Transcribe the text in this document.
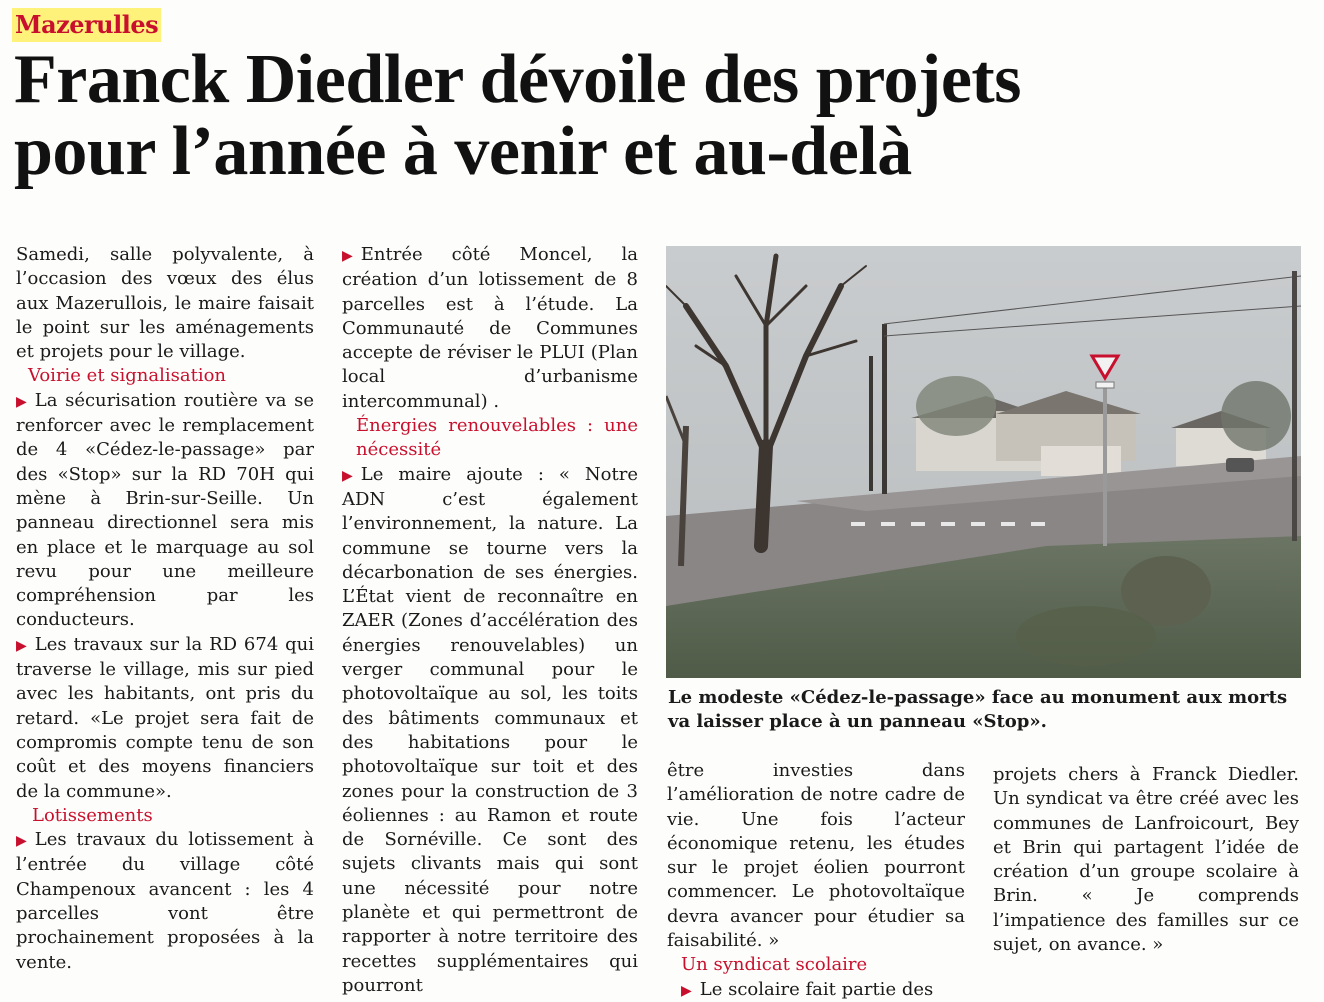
Mazerulles
Franck Diedler dévoile des projets
pour l’année à venir et au-delà

Samedi, salle polyvalente, à l’occasion des vœux des élus aux Mazerullois, le maire faisait le point sur les aménagements et projets pour le village.

Voirie et signalisation

▶ La sécurisation routière va se renforcer avec le remplacement de 4 «Cédez-le-passage» par des «Stop» sur la RD 70H qui mène à Brin-sur-Seille. Un panneau directionnel sera mis en place et le marquage au sol revu pour une meilleure compréhension par les conducteurs.

▶ Les travaux sur la RD 674 qui traverse le village, mis sur pied avec les habitants, ont pris du retard. «Le projet sera fait de compromis compte tenu de son coût et des moyens financiers de la commune».

Lotissements

▶ Les travaux du lotissement à l’entrée du village côté Champenoux avancent : les 4 parcelles vont être prochainement proposées à la vente.

▶ Entrée côté Moncel, la création d’un lotissement de 8 parcelles est à l’étude. La Communauté de Communes accepte de réviser le PLUI (Plan local d’urbanisme intercommunal) .

Énergies renouvelables : une nécessité

▶ Le maire ajoute : « Notre ADN c’est également l’environnement, la nature. La commune se tourne vers la décarbonation de ses énergies. L’État vient de reconnaître en ZAER (Zones d’accélération des énergies renouvelables) un verger communal pour le photovoltaïque au sol, les toits des bâtiments communaux et des habitations pour le photovoltaïque sur toit et des zones pour la construction de 3 éoliennes : au Ramon et route de Sornéville. Ce sont des sujets clivants mais qui sont une nécessité pour notre planète et qui permettront de rapporter à notre territoire des recettes supplémentaires qui pourront

Le modeste «Cédez-le-passage» face au monument aux morts va laisser place à un panneau «Stop».

être investies dans l’amélioration de notre cadre de vie. Une fois l’acteur économique retenu, les études sur le projet éolien pourront commencer. Le photovoltaïque devra avancer pour étudier sa faisabilité. »

Un syndicat scolaire

▶ Le scolaire fait partie des

projets chers à Franck Diedler. Un syndicat va être créé avec les communes de Lanfroicourt, Bey et Brin qui partagent l’idée de création d’un groupe scolaire à Brin. « Je comprends l’impatience des familles sur ce sujet, on avance. »
